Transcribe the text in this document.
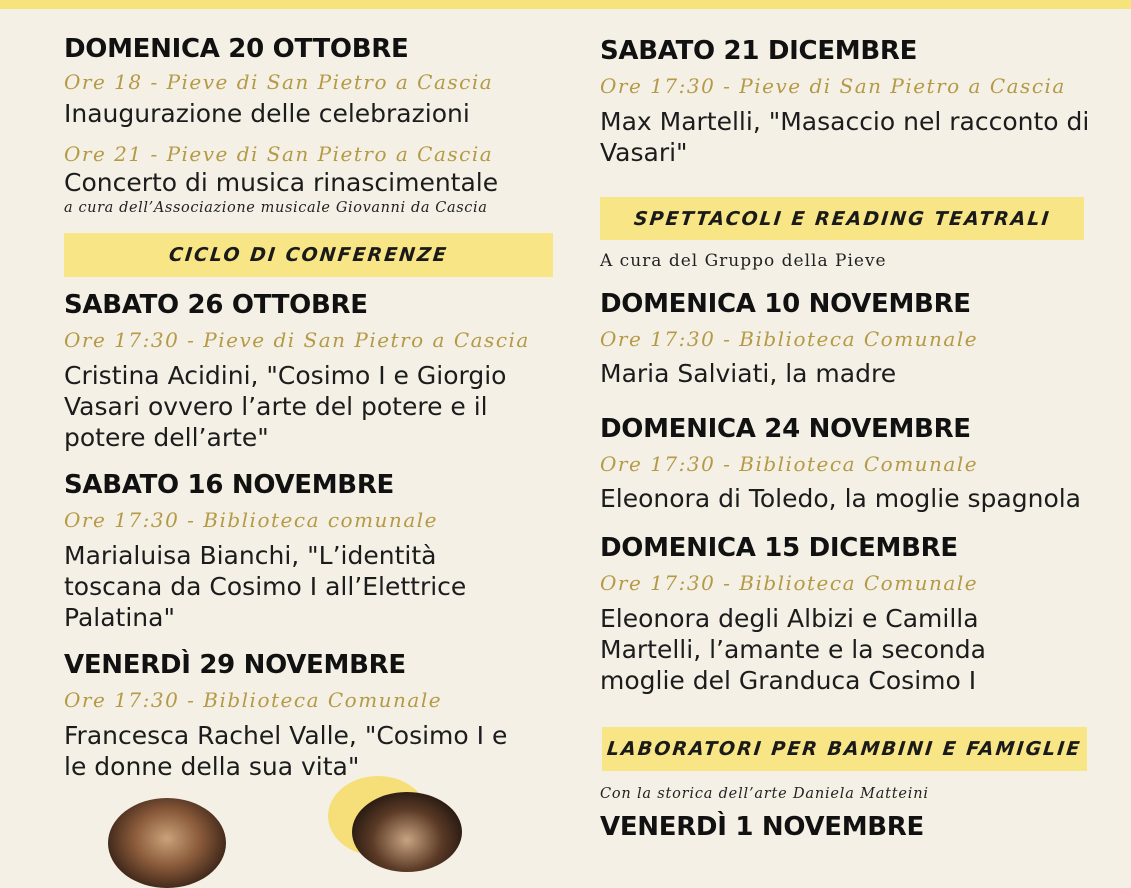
DOMENICA 20 OTTOBRE
Ore 18 - Pieve di San Pietro a Cascia
Inaugurazione delle celebrazioni
Ore 21 - Pieve di San Pietro a Cascia
Concerto di musica rinascimentale
a cura dell’Associazione musicale Giovanni da Cascia
CICLO DI CONFERENZE
SABATO 26 OTTOBRE
Ore 17:30 - Pieve di San Pietro a Cascia
Cristina Acidini, "Cosimo I e Giorgio Vasari ovvero l’arte del potere e il potere dell’arte"
SABATO 16 NOVEMBRE
Ore 17:30 - Biblioteca comunale
Marialuisa Bianchi, "L’identità toscana da Cosimo I all’Elettrice Palatina"
VENERDÌ 29 NOVEMBRE
Ore 17:30 - Biblioteca Comunale
Francesca Rachel Valle, "Cosimo I e le donne della sua vita"
SABATO 21 DICEMBRE
Ore 17:30 - Pieve di San Pietro a Cascia
Max Martelli, "Masaccio nel racconto di Vasari"
SPETTACOLI E READING TEATRALI
A cura del Gruppo della Pieve
DOMENICA 10 NOVEMBRE
Ore 17:30 - Biblioteca Comunale
Maria Salviati, la madre
DOMENICA 24 NOVEMBRE
Ore 17:30 - Biblioteca Comunale
Eleonora di Toledo, la moglie spagnola
DOMENICA 15 DICEMBRE
Ore 17:30 - Biblioteca Comunale
Eleonora degli Albizi e Camilla Martelli, l’amante e la seconda moglie del Granduca Cosimo I
LABORATORI PER BAMBINI E FAMIGLIE
Con la storica dell’arte Daniela Matteini
VENERDÌ 1 NOVEMBRE
